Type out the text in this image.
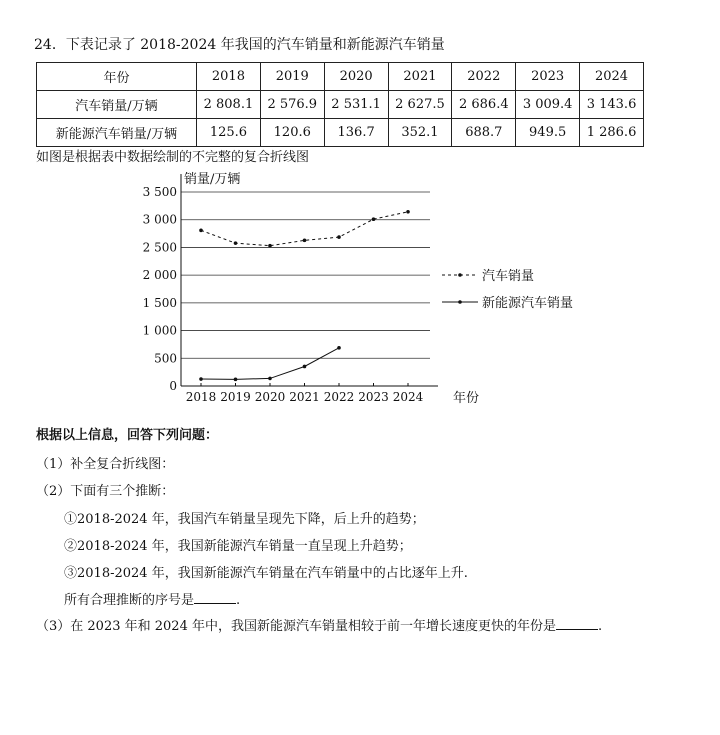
24．下表记录了 2018-2024 年我国的汽车销量和新能源汽车销量
年份	2018	2019	2020	2021	2022	2023	2024
汽车销量/万辆	2 808.1	2 576.9	2 531.1	2 627.5	2 686.4	3 009.4	3 143.6
新能源汽车销量/万辆	125.6	120.6	136.7	352.1	688.7	949.5	1 286.6
如图是根据表中数据绘制的不完整的复合折线图
0
500
1 000
1 500
2 000
2 500
3 000
3 500
2018 2019 2020 2021 2022 2023 2024
销量/万辆
年份
汽车销量
新能源汽车销量
根据以上信息，回答下列问题：
（1）补全复合折线图：
（2）下面有三个推断：
①2018-2024 年，我国汽车销量呈现先下降，后上升的趋势；
②2018-2024 年，我国新能源汽车销量一直呈现上升趋势；
③2018-2024 年，我国新能源汽车销量在汽车销量中的占比逐年上升.
所有合理推断的序号是	.
（3）在 2023 年和 2024 年中，我国新能源汽车销量相较于前一年增长速度更快的年份是	.
